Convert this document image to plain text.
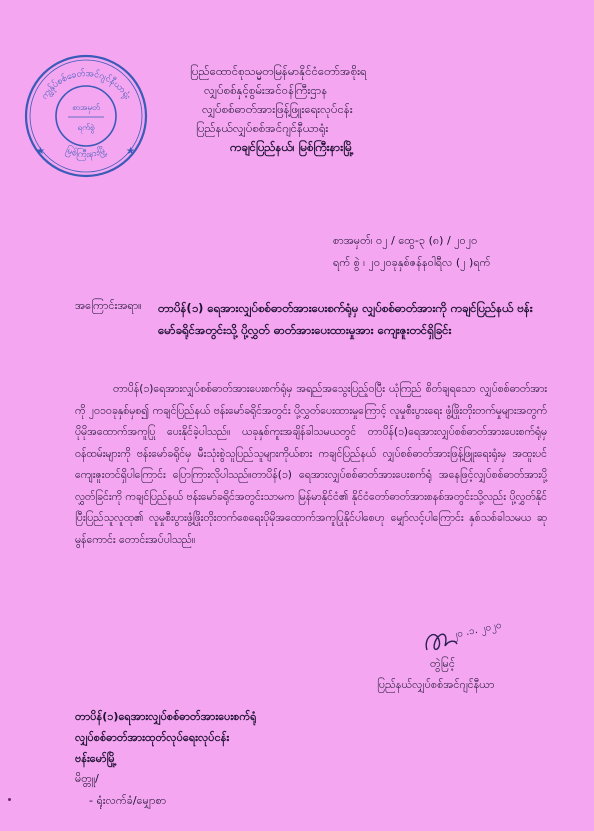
ကျွန်ုပ်စစ်ခေတ်အင်ဂျင်နီယာရုံး
မြစ်ကြီးနားမြို့
စာအမှတ်
ရက်စွဲ
★	★
ပြည်ထောင်စုသမ္မတမြန်မာနိုင်ငံတော်အစိုးရ
လျှပ်စစ်နှင့်စွမ်းအင်ဝန်ကြီးဌာန
လျှပ်စစ်ဓာတ်အားဖြန့်ဖြူးရေးလုပ်ငန်း
ပြည်နယ်လျှပ်စစ်အင်ဂျင်နီယာရုံး
ကချင်ပြည်နယ်၊ မြစ်ကြီးနားမြို့
စာအမှတ်၊ ၀၂ / ထွေ-၃ (၈) / ၂၀၂၀
ရက် စွဲ ၊ ၂၀၂၀ခုနှစ်ဇန်နဝါရီလ (၂ )ရက်
အကြောင်းအရာ။ တာပိန်(၁) ရေအားလျှပ်စစ်ဓာတ်အားပေးစက်ရုံမှ လျှပ်စစ်ဓာတ်အားကို ကချင်ပြည်နယ် ဗန်းမော်ခရိုင်အတွင်းသို့ ပို့လွှတ် ဓာတ်အားပေးထားမှုအား ကျေးဇူးတင်ရှိခြင်း
တာပိန်(၁)ရေအားလျှပ်စစ်ဓာတ်အားပေးစက်ရုံမှ အရည်အသွေးပြည့်ဝပြီး ယုံကြည် စိတ်ချရသော လျှပ်စစ်ဓာတ်အားကို ၂၀၁၀ခုနှစ်မှစ၍ ကချင်ပြည်နယ် ဗန်းမော်ခရိုင်အတွင်း ပို့လွှတ်ပေးထားမှုကြောင့် လူမှုစီးပွားရေး ဖွံ့ဖြိုးတိုးတက်မှုများအတွက် ပိုမိုအထောက်အကူပြု ပေးနိုင်ခဲ့ပါသည်။ ယခုနှစ်ကူးအချိန်ခါသမယတွင် တာပိန်(၁)ရေအားလျှပ်စစ်ဓာတ်အားပေးစက်ရုံမှ ဝန်ထမ်းများကို ဗန်းမော်ခရိုင်မှ မီးသုံးစွဲသူပြည်သူများကိုယ်စား ကချင်ပြည်နယ် လျှပ်စစ်ဓာတ်အားဖြန့်ဖြူးရေးရုံးမှ အထူးပင်ကျေးဇူးတင်ရှိပါကြောင်း ပြောကြားလိုပါသည်။တာပိန်(၁) ရေအားလျှပ်စစ်ဓာတ်အားပေးစက်ရုံ အနေဖြင့်လျှပ်စစ်ဓာတ်အားပို့လွှတ်ခြင်းကို ကချင်ပြည်နယ် ဗန်းမော်ခရိုင်အတွင်းသာမက မြန်မာနိုင်ငံ၏ နိုင်ငံတော်ဓာတ်အားစနစ်အတွင်းသို့လည်း ပို့လွှတ်နိုင်ပြီးပြည်သူလူထု၏ လူမှုစီးပွားဖွံ့ဖြိုးတိုးတက်စေရေးပိုမိုအထောက်အကူပြုနိုင်ပါစေဟု မျှော်လင့်ပါကြောင်း နှစ်သစ်ခါသမယ ဆုမွန်ကောင်း တောင်းအပ်ပါသည်။
၂၀ .၁. ၂၀၂၀
တွဲမြင့်
ပြည်နယ်လျှပ်စစ်အင်ဂျင်နီယာ
တာပိန်(၁)ရေအားလျှပ်စစ်ဓာတ်အားပေးစက်ရုံ
လျှပ်စစ်ဓာတ်အားထုတ်လုပ်ရေးလုပ်ငန်း
ဗန်းမော်မြို့
မိတ္တူ/
- ရုံးလက်ခံ/မျှောစာ
